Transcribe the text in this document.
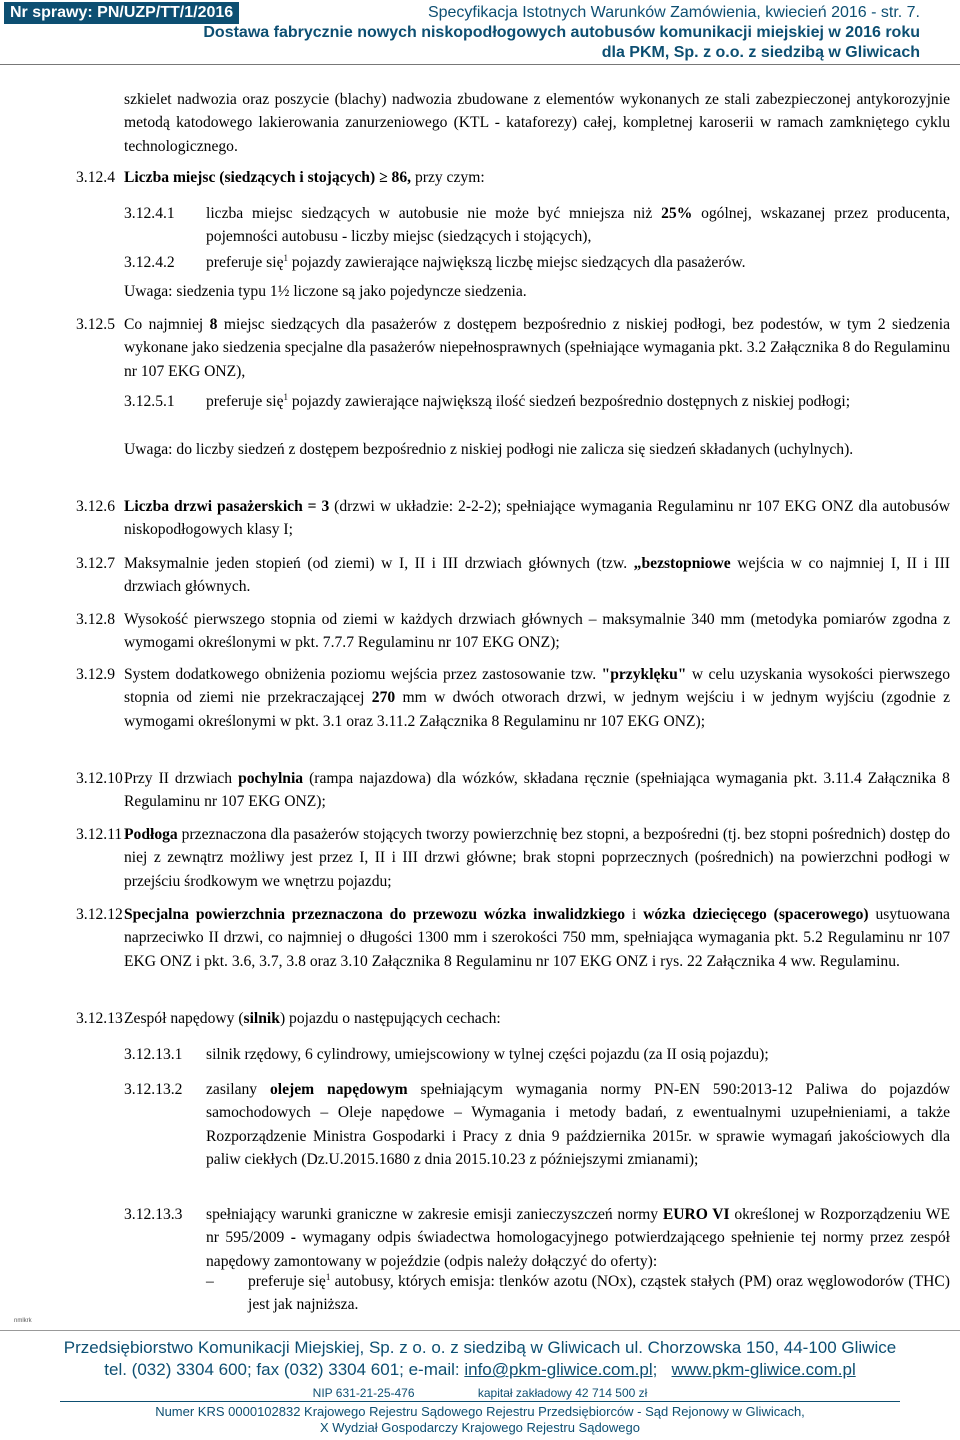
Nr sprawy: PN/UZP/TT/1/2016	Specyfikacja Istotnych Warunków Zamówienia, kwiecień 2016 - str. 7.
Dostawa fabrycznie nowych niskopodłogowych autobusów komunikacji miejskiej w 2016 roku
dla PKM, Sp. z o.o. z siedzibą w Gliwicach
szkielet nadwozia oraz poszycie (blachy) nadwozia zbudowane z elementów wykonanych ze stali zabezpieczonej antykorozyjnie metodą katodowego lakierowania zanurzeniowego (KTL - kataforezy) całej, kompletnej karoserii w ramach zamkniętego cyklu technologicznego.
3.12.4 Liczba miejsc (siedzących i stojących) ≥ 86, przy czym:
3.12.4.1 liczba miejsc siedzących w autobusie nie może być mniejsza niż 25% ogólnej, wskazanej przez producenta, pojemności autobusu - liczby miejsc (siedzących i stojących),
3.12.4.2 preferuje się$^1$ pojazdy zawierające największą liczbę miejsc siedzących dla pasażerów.
Uwaga: siedzenia typu 1½ liczone są jako pojedyncze siedzenia.
3.12.5 Co najmniej 8 miejsc siedzących dla pasażerów z dostępem bezpośrednio z niskiej podłogi, bez podestów, w tym 2 siedzenia wykonane jako siedzenia specjalne dla pasażerów niepełnosprawnych (spełniające wymagania pkt. 3.2 Załącznika 8 do Regulaminu nr 107 EKG ONZ),
3.12.5.1 preferuje się$^1$ pojazdy zawierające największą ilość siedzeń bezpośrednio dostępnych z niskiej podłogi;
Uwaga: do liczby siedzeń z dostępem bezpośrednio z niskiej podłogi nie zalicza się siedzeń składanych (uchylnych).
3.12.6 Liczba drzwi pasażerskich = 3 (drzwi w układzie: 2-2-2); spełniające wymagania Regulaminu nr 107 EKG ONZ dla autobusów niskopodłogowych klasy I;
3.12.7 Maksymalnie jeden stopień (od ziemi) w I, II i III drzwiach głównych (tzw. „bezstopniowe wejścia w co najmniej I, II i III drzwiach głównych.
3.12.8 Wysokość pierwszego stopnia od ziemi w każdych drzwiach głównych – maksymalnie 340 mm (metodyka pomiarów zgodna z wymogami określonymi w pkt. 7.7.7 Regulaminu nr 107 EKG ONZ);
3.12.9 System dodatkowego obniżenia poziomu wejścia przez zastosowanie tzw. "przyklęku" w celu uzyskania wysokości pierwszego stopnia od ziemi nie przekraczającej 270 mm w dwóch otworach drzwi, w jednym wejściu i w jednym wyjściu (zgodnie z wymogami określonymi w pkt. 3.1 oraz 3.11.2 Załącznika 8 Regulaminu nr 107 EKG ONZ);
3.12.10 Przy II drzwiach pochylnia (rampa najazdowa) dla wózków, składana ręcznie (spełniająca wymagania pkt. 3.11.4 Załącznika 8 Regulaminu nr 107 EKG ONZ);
3.12.11 Podłoga przeznaczona dla pasażerów stojących tworzy powierzchnię bez stopni, a bezpośredni (tj. bez stopni pośrednich) dostęp do niej z zewnątrz możliwy jest przez I, II i III drzwi główne; brak stopni poprzecznych (pośrednich) na powierzchni podłogi w przejściu środkowym we wnętrzu pojazdu;
3.12.12 Specjalna powierzchnia przeznaczona do przewozu wózka inwalidzkiego i wózka dziecięcego (spacerowego) usytuowana naprzeciwko II drzwi, co najmniej o długości 1300 mm i szerokości 750 mm, spełniająca wymagania pkt. 5.2 Regulaminu nr 107 EKG ONZ i pkt. 3.6, 3.7, 3.8 oraz 3.10 Załącznika 8 Regulaminu nr 107 EKG ONZ i rys. 22 Załącznika 4 ww. Regulaminu.
3.12.13 Zespół napędowy (silnik) pojazdu o następujących cechach:
3.12.13.1 silnik rzędowy, 6 cylindrowy, umiejscowiony w tylnej części pojazdu (za II osią pojazdu);
3.12.13.2 zasilany olejem napędowym spełniającym wymagania normy PN-EN 590:2013-12 Paliwa do pojazdów samochodowych – Oleje napędowe – Wymagania i metody badań, z ewentualnymi uzupełnieniami, a także Rozporządzenie Ministra Gospodarki i Pracy z dnia 9 października 2015r. w sprawie wymagań jakościowych dla paliw ciekłych (Dz.U.2015.1680 z dnia 2015.10.23 z późniejszymi zmianami);
3.12.13.3 spełniający warunki graniczne w zakresie emisji zanieczyszczeń normy EURO VI określonej w Rozporządzeniu WE nr 595/2009 - wymagany odpis świadectwa homologacyjnego potwierdzającego spełnienie tej normy przez zespół napędowy zamontowany w pojeździe (odpis należy dołączyć do oferty):
– preferuje się$^1$ autobusy, których emisja: tlenków azotu (NOx), cząstek stałych (PM) oraz węglowodorów (THC) jest jak najniższa.
nmlkrk
Przedsiębiorstwo Komunikacji Miejskiej, Sp. z o. o. z siedzibą w Gliwicach ul. Chorzowska 150, 44-100 Gliwice
tel. (032) 3304 600; fax (032) 3304 601; e-mail: info@pkm-gliwice.com.pl; www.pkm-gliwice.com.pl
NIP 631-21-25-476	kapitał zakładowy 42 714 500 zł
Numer KRS 0000102832 Krajowego Rejestru Sądowego Rejestru Przedsiębiorców - Sąd Rejonowy w Gliwicach,
X Wydział Gospodarczy Krajowego Rejestru Sądowego
